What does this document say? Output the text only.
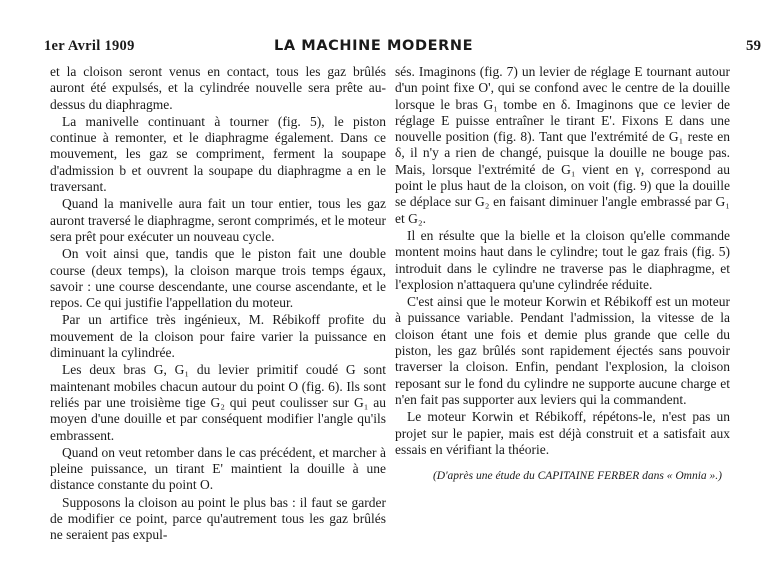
1er Avril 1909	LA MACHINE MODERNE	59

et la cloison seront venus en contact, tous les gaz brûlés auront été expulsés, et la cylindrée nouvelle sera prête au-dessus du diaphragme.

La manivelle continuant à tourner (fig. 5), le piston continue à remonter, et le diaphragme également. Dans ce mouvement, les gaz se compriment, ferment la soupape d'admission b et ouvrent la soupape du diaphragme a en le traversant.

Quand la manivelle aura fait un tour entier, tous les gaz auront traversé le diaphragme, seront comprimés, et le moteur sera prêt pour exécuter un nouveau cycle.

On voit ainsi que, tandis que le piston fait une double course (deux temps), la cloison marque trois temps égaux, savoir : une course descendante, une course ascendante, et le repos. Ce qui justifie l'appellation du moteur.

Par un artifice très ingénieux, M. Rébikoff profite du mouvement de la cloison pour faire varier la puissance en diminuant la cylindrée.

Les deux bras G, G₁ du levier primitif coudé G sont maintenant mobiles chacun autour du point O (fig. 6). Ils sont reliés par une troisième tige G₂ qui peut coulisser sur G₁ au moyen d'une douille et par conséquent modifier l'angle qu'ils embrassent.

Quand on veut retomber dans le cas précédent, et marcher à pleine puissance, un tirant E' maintient la douille à une distance constante du point O.

Supposons la cloison au point le plus bas : il faut se garder de modifier ce point, parce qu'autrement tous les gaz brûlés ne seraient pas expul-

sés. Imaginons (fig. 7) un levier de réglage E tournant autour d'un point fixe O', qui se confond avec le centre de la douille lorsque le bras G₁ tombe en δ. Imaginons que ce levier de réglage E puisse entraîner le tirant E'. Fixons E dans une nouvelle position (fig. 8). Tant que l'extrémité de G₁ reste en δ, il n'y a rien de changé, puisque la douille ne bouge pas. Mais, lorsque l'extrémité de G₁ vient en γ, correspond au point le plus haut de la cloison, on voit (fig. 9) que la douille se déplace sur G₂ en faisant diminuer l'angle embrassé par G₁ et G₂.

Il en résulte que la bielle et la cloison qu'elle commande montent moins haut dans le cylindre; tout le gaz frais (fig. 5) introduit dans le cylindre ne traverse pas le diaphragme, et l'explosion n'attaquera qu'une cylindrée réduite.

C'est ainsi que le moteur Korwin et Rébikoff est un moteur à puissance variable. Pendant l'admission, la vitesse de la cloison étant une fois et demie plus grande que celle du piston, les gaz brûlés sont rapidement éjectés sans pouvoir traverser la cloison. Enfin, pendant l'explosion, la cloison reposant sur le fond du cylindre ne supporte aucune charge et n'en fait pas supporter aux leviers qui la commandent.

Le moteur Korwin et Rébikoff, répétons-le, n'est pas un projet sur le papier, mais est déjà construit et a satisfait aux essais en vérifiant la théorie.

(D'après une étude du CAPITAINE FERBER dans « Omnia ».)
